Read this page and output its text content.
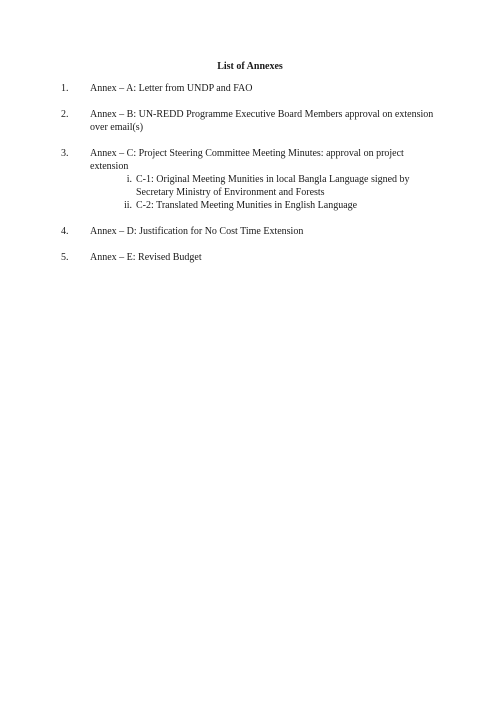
List of Annexes
1.	Annex – A: Letter from UNDP and FAO
2.	Annex – B: UN-REDD Programme Executive Board Members approval on extension over email(s)
3.	Annex – C: Project Steering Committee Meeting Minutes: approval on project extension
i. C-1: Original Meeting Munities in local Bangla Language signed by Secretary Ministry of Environment and Forests
ii. C-2: Translated Meeting Munities in English Language
4.	Annex – D: Justification for No Cost Time Extension
5.	Annex – E: Revised Budget
